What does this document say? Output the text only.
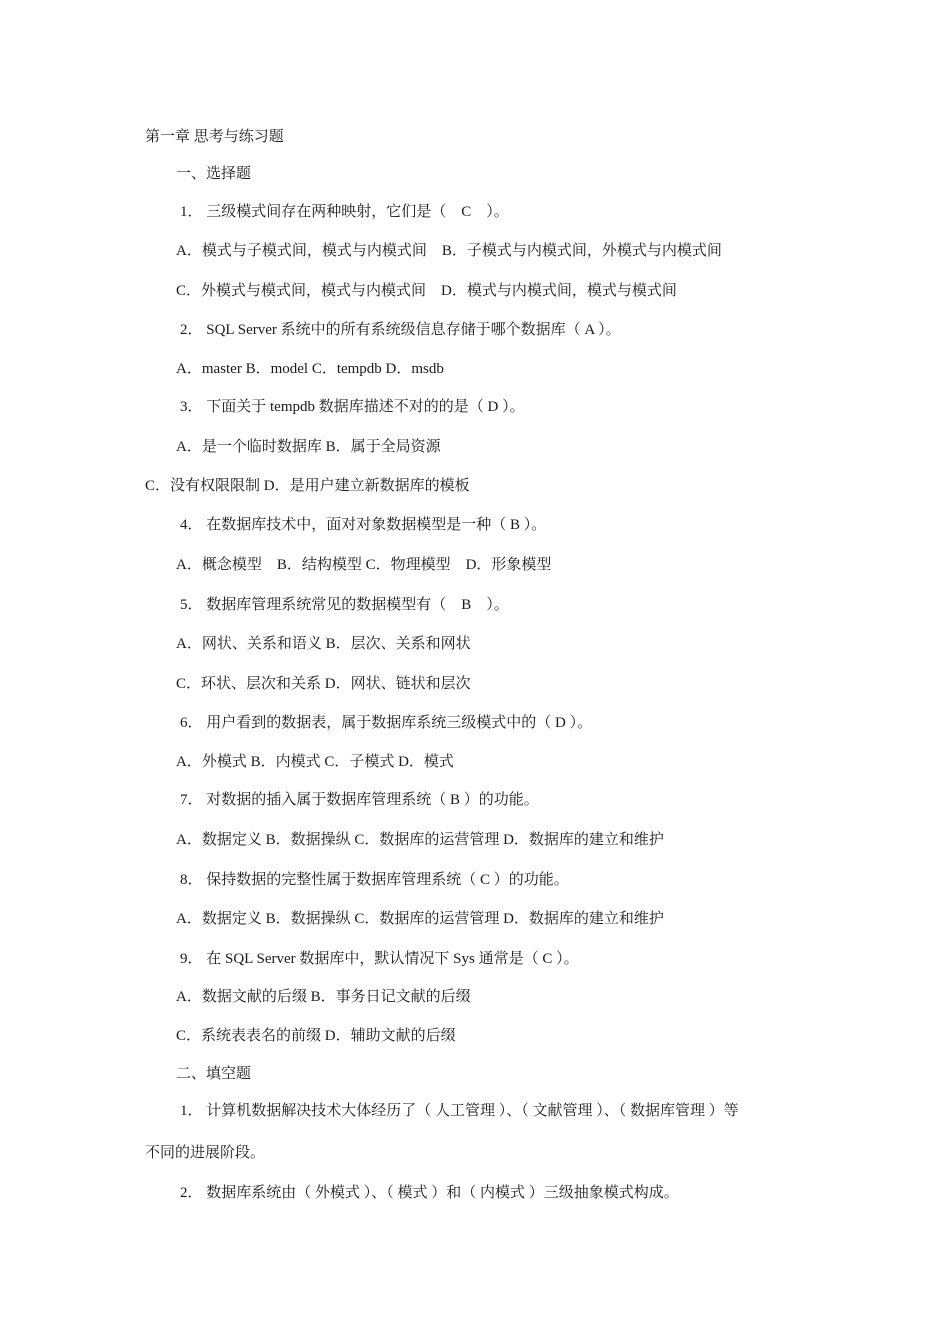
第一章 思考与练习题
一、选择题
1． 三级模式间存在两种映射，它们是（　C　）。
A．模式与子模式间，模式与内模式间　B．子模式与内模式间，外模式与内模式间
C．外模式与模式间，模式与内模式间　D．模式与内模式间，模式与模式间
2． SQL Server 系统中的所有系统级信息存储于哪个数据库（ A ）。
A．master B．model C．tempdb D．msdb
3． 下面关于 tempdb 数据库描述不对的的是（ D ）。
A．是一个临时数据库 B．属于全局资源
C．没有权限限制 D．是用户建立新数据库的模板
4． 在数据库技术中，面对对象数据模型是一种（ B ）。
A．概念模型　B．结构模型 C．物理模型　D．形象模型
5． 数据库管理系统常见的数据模型有（　B　）。
A．网状、关系和语义 B．层次、关系和网状
C．环状、层次和关系 D．网状、链状和层次
6． 用户看到的数据表，属于数据库系统三级模式中的（ D ）。
A．外模式 B．内模式 C．子模式 D．模式
7． 对数据的插入属于数据库管理系统（ B ）的功能。
A．数据定义 B．数据操纵 C．数据库的运营管理 D．数据库的建立和维护
8． 保持数据的完整性属于数据库管理系统（ C ）的功能。
A．数据定义 B．数据操纵 C．数据库的运营管理 D．数据库的建立和维护
9． 在 SQL Server 数据库中，默认情况下 Sys 通常是（ C ）。
A．数据文献的后缀 B．事务日记文献的后缀
C．系统表表名的前缀 D．辅助文献的后缀
二、填空题
1． 计算机数据解决技术大体经历了（ 人工管理 ）、（ 文献管理 ）、（ 数据库管理 ）等
不同的进展阶段。
2． 数据库系统由（ 外模式 ）、（ 模式 ）和（ 内模式 ）三级抽象模式构成。
